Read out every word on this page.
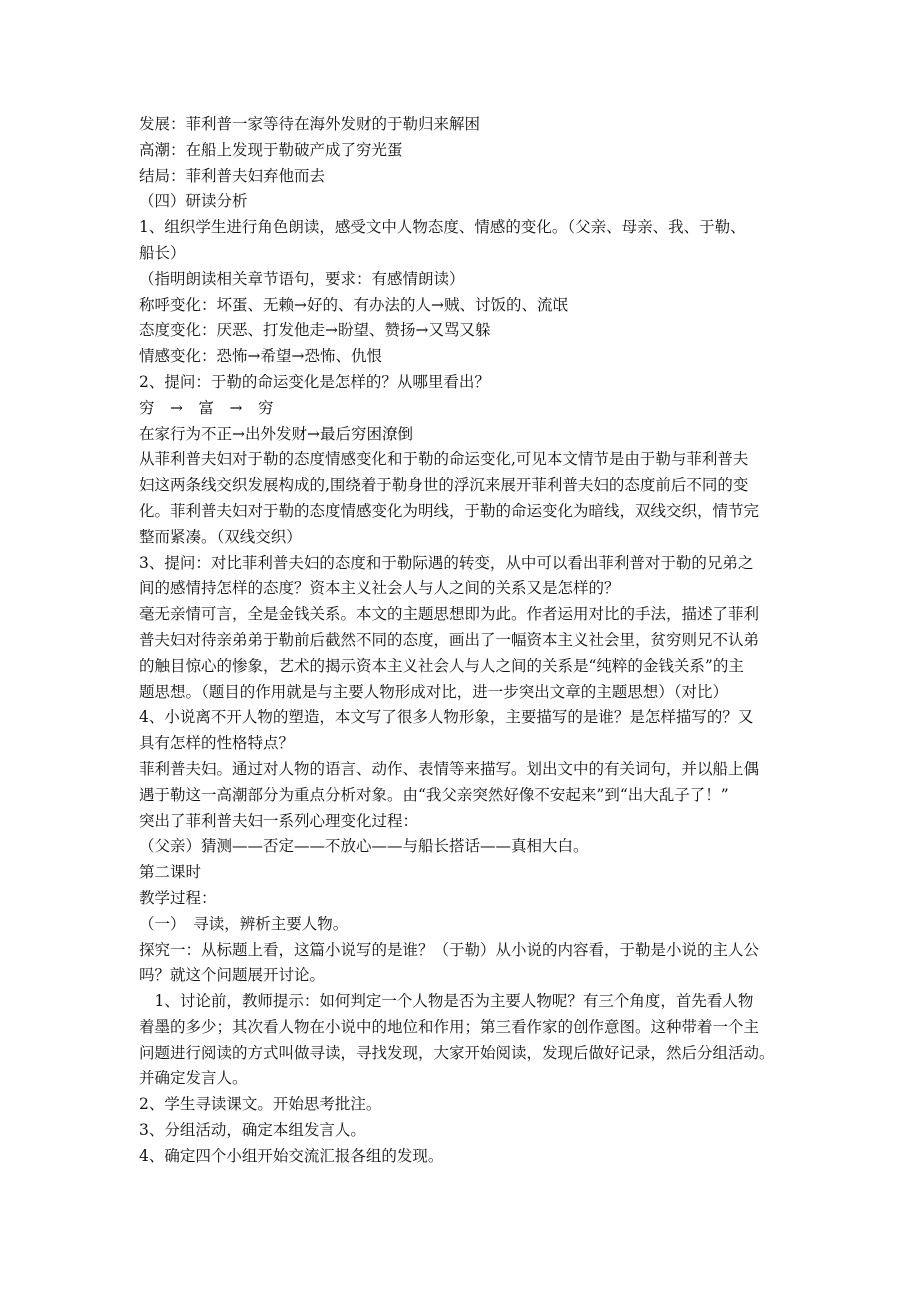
发展：菲利普一家等待在海外发财的于勒归来解困
高潮：在船上发现于勒破产成了穷光蛋
结局：菲利普夫妇弃他而去
（四）研读分析
1、组织学生进行角色朗读，感受文中人物态度、情感的变化。（父亲、母亲、我、于勒、
船长）
（指明朗读相关章节语句，要求：有感情朗读）
称呼变化：坏蛋、无赖→好的、有办法的人→贼、讨饭的、流氓
态度变化：厌恶、打发他走→盼望、赞扬→又骂又躲
情感变化：恐怖→希望→恐怖、仇恨
2、提问：于勒的命运变化是怎样的？从哪里看出？
穷　→　富　→　穷
在家行为不正→出外发财→最后穷困潦倒
从菲利普夫妇对于勒的态度情感变化和于勒的命运变化,可见本文情节是由于勒与菲利普夫
妇这两条线交织发展构成的,围绕着于勒身世的浮沉来展开菲利普夫妇的态度前后不同的变
化。菲利普夫妇对于勒的态度情感变化为明线，于勒的命运变化为暗线，双线交织，情节完
整而紧凑。（双线交织）
3、提问：对比菲利普夫妇的态度和于勒际遇的转变，从中可以看出菲利普对于勒的兄弟之
间的感情持怎样的态度？资本主义社会人与人之间的关系又是怎样的？
毫无亲情可言，全是金钱关系。本文的主题思想即为此。作者运用对比的手法，描述了菲利
普夫妇对待亲弟弟于勒前后截然不同的态度，画出了一幅资本主义社会里，贫穷则兄不认弟
的触目惊心的惨象，艺术的揭示资本主义社会人与人之间的关系是“纯粹的金钱关系”的主
题思想。（题目的作用就是与主要人物形成对比，进一步突出文章的主题思想）（对比）
4、小说离不开人物的塑造，本文写了很多人物形象，主要描写的是谁？是怎样描写的？又
具有怎样的性格特点？
菲利普夫妇。通过对人物的语言、动作、表情等来描写。划出文中的有关词句，并以船上偶
遇于勒这一高潮部分为重点分析对象。由“我父亲突然好像不安起来”到“出大乱子了！”
突出了菲利普夫妇一系列心理变化过程：
（父亲）猜测——否定——不放心——与船长搭话——真相大白。
第二课时
教学过程：
（一）　寻读，辨析主要人物。
探究一：从标题上看，这篇小说写的是谁？（于勒）从小说的内容看，于勒是小说的主人公
吗？就这个问题展开讨论。
　1、讨论前，教师提示：如何判定一个人物是否为主要人物呢？有三个角度，首先看人物
着墨的多少；其次看人物在小说中的地位和作用；第三看作家的创作意图。这种带着一个主
问题进行阅读的方式叫做寻读，寻找发现，大家开始阅读，发现后做好记录，然后分组活动。
并确定发言人。
2、学生寻读课文。开始思考批注。
3、分组活动，确定本组发言人。
4、确定四个小组开始交流汇报各组的发现。
